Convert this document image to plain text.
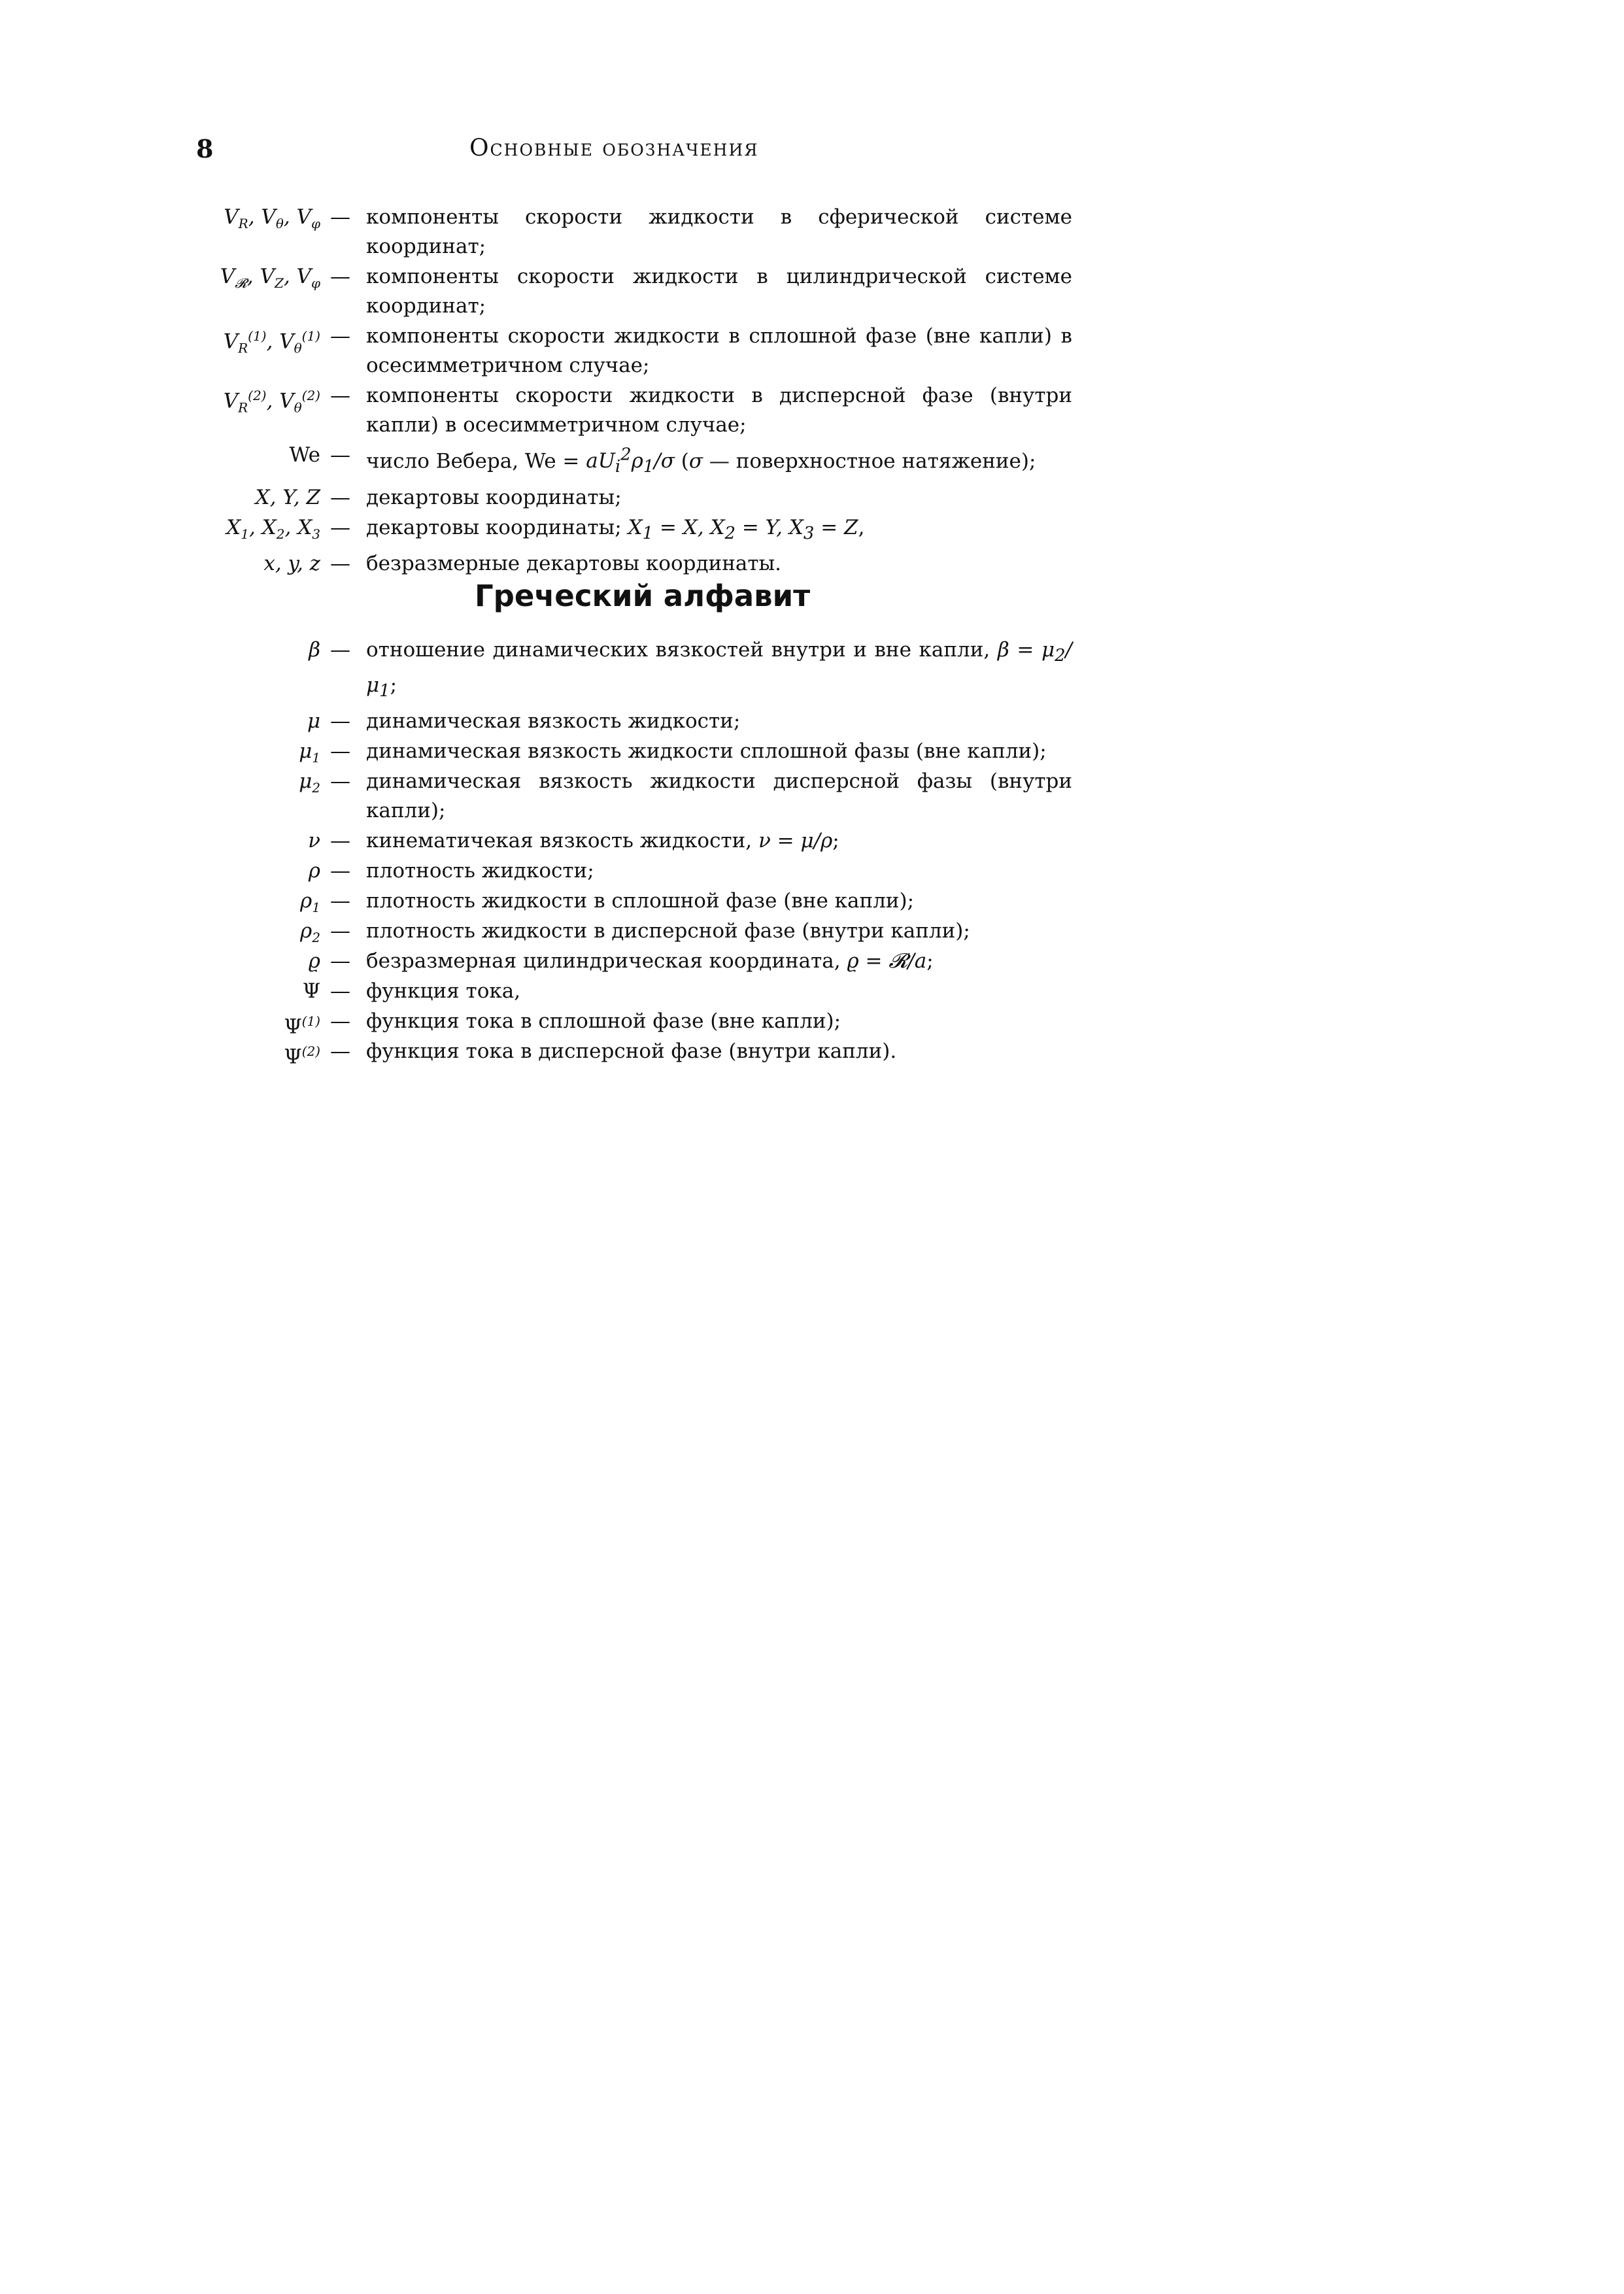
8	Основные обозначения
$V_R$, $V_\theta$, $V_\varphi$ — компоненты скорости жидкости в сферической системе координат;
$V_𝓡$, $V_Z$, $V_\varphi$ — компоненты скорости жидкости в цилиндрической системе координат;
$V_R^{(1)}$, $V_\theta^{(1)}$ — компоненты скорости жидкости в сплошной фазе (вне капли) в осесимметричном случае;
$V_R^{(2)}$, $V_\theta^{(2)}$ — компоненты скорости жидкости в дисперсной фазе (внутри капли) в осесимметричном случае;
We — число Вебера, $We = aU_i^2\rho_1/\sigma$ (σ — поверхностное натяжение);
X, Y, Z — декартовы координаты;
$X_1$, $X_2$, $X_3$ — декартовы координаты; $X_1 = X$, $X_2 = Y$, $X_3 = Z$,
x, y, z — безразмерные декартовы координаты.
Греческий алфавит
β — отношение динамических вязкостей внутри и вне капли, $\beta = \mu_2/\mu_1$;
μ — динамическая вязкость жидкости;
$\mu_1$ — динамическая вязкость жидкости сплошной фазы (вне капли);
$\mu_2$ — динамическая вязкость жидкости дисперсной фазы (внутри капли);
ν — кинематичекая вязкость жидкости, ν = μ/ρ;
ρ — плотность жидкости;
$\rho_1$ — плотность жидкости в сплошной фазе (вне капли);
$\rho_2$ — плотность жидкости в дисперсной фазе (внутри капли);
ϱ — безразмерная цилиндрическая координата, ϱ = 𝓡/a;
Ψ — функция тока,
$\Psi^{(1)}$ — функция тока в сплошной фазе (вне капли);
$\Psi^{(2)}$ — функция тока в дисперсной фазе (внутри капли).
